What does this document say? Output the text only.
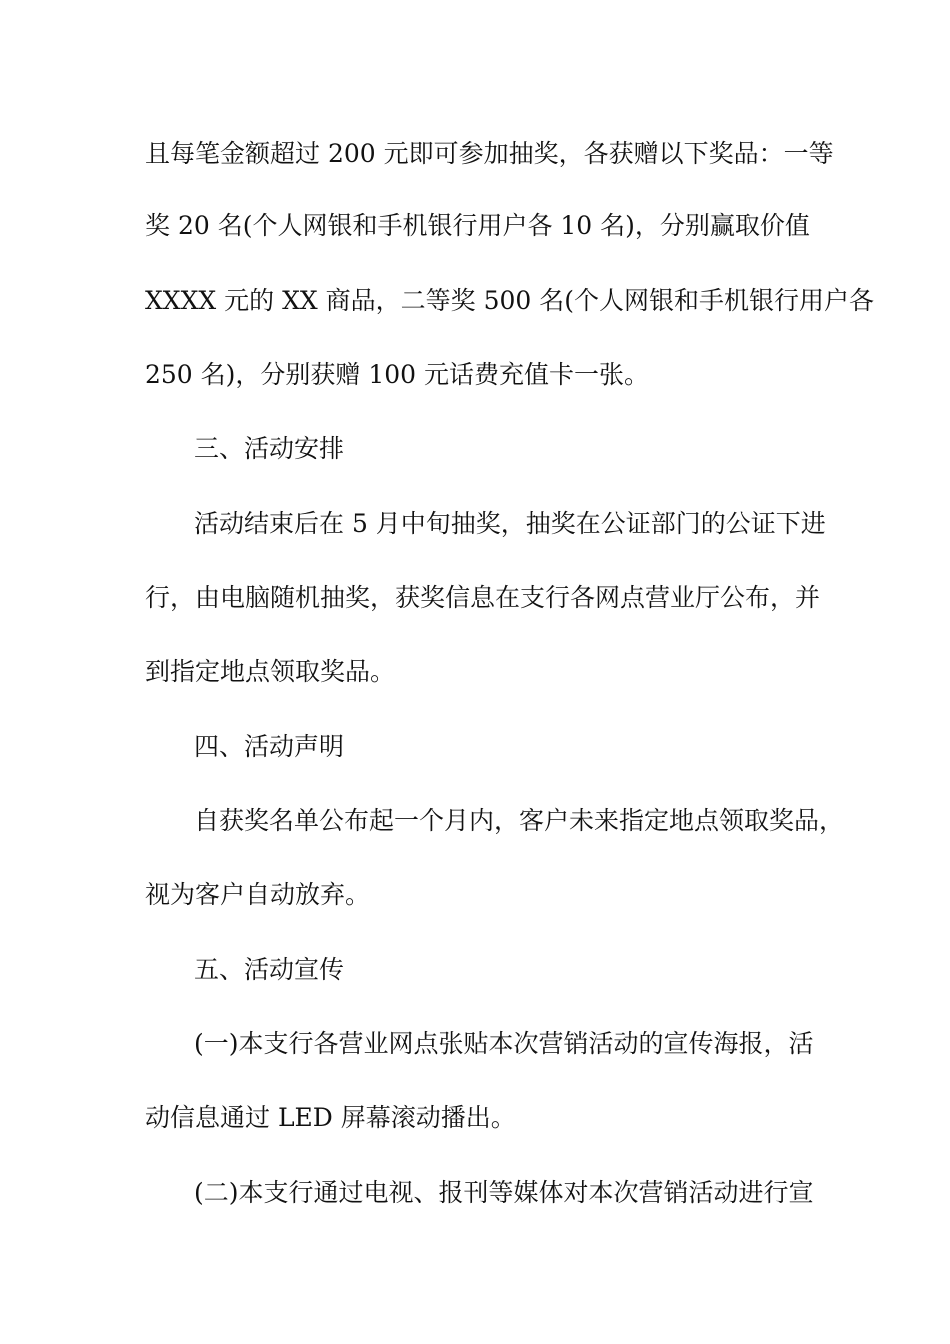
且每笔金额超过 200 元即可参加抽奖，各获赠以下奖品：一等
奖 20 名(个人网银和手机银行用户各 10 名)，分别赢取价值
XXXX 元的 XX 商品，二等奖 500 名(个人网银和手机银行用户各
250 名)，分别获赠 100 元话费充值卡一张。
三、活动安排
活动结束后在 5 月中旬抽奖，抽奖在公证部门的公证下进
行，由电脑随机抽奖，获奖信息在支行各网点营业厅公布，并
到指定地点领取奖品。
四、活动声明
自获奖名单公布起一个月内，客户未来指定地点领取奖品，
视为客户自动放弃。
五、活动宣传
(一)本支行各营业网点张贴本次营销活动的宣传海报，活
动信息通过 LED 屏幕滚动播出。
(二)本支行通过电视、报刊等媒体对本次营销活动进行宣
